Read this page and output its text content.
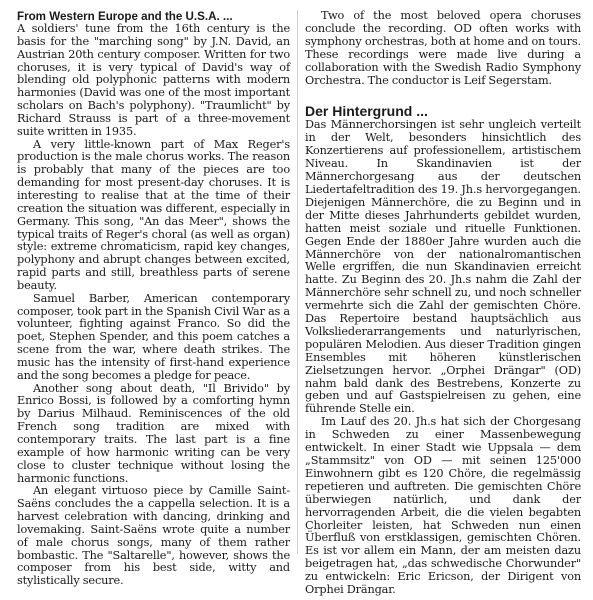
From Western Europe and the U.S.A. ...

A soldiers' tune from the 16th century is the basis for the "marching song" by J.N. David, an Austrian 20th century composer. Written for two choruses, it is very typical of David's way of blending old polyphonic patterns with modern harmonies (David was one of the most important scholars on Bach's polyphony). "Traumlicht" by Richard Strauss is part of a three-movement suite written in 1935.

A very little-known part of Max Reger's production is the male chorus works. The reason is probably that many of the pieces are too demanding for most present-day choruses. It is interesting to realise that at the time of their creation the situation was different, especially in Germany. This song, "An das Meer", shows the typical traits of Reger's choral (as well as organ) style: extreme chromaticism, rapid key changes, polyphony and abrupt changes between excited, rapid parts and still, breathless parts of serene beauty.

Samuel Barber, American contemporary composer, took part in the Spanish Civil War as a volunteer, fighting against Franco. So did the poet, Stephen Spender, and this poem catches a scene from the war, where death strikes. The music has the intensity of first-hand experience and the song becomes a pledge for peace.

Another song about death, "Il Brivido" by Enrico Bossi, is followed by a comforting hymn by Darius Milhaud. Reminiscences of the old French song tradition are mixed with contemporary traits. The last part is a fine example of how harmonic writing can be very close to cluster technique without losing the harmonic functions.

An elegant virtuoso piece by Camille Saint-Saëns concludes the a cappella selection. It is a harvest celebration with dancing, drinking and lovemaking. Saint-Saëns wrote quite a number of male chorus songs, many of them rather bombastic. The "Saltarelle", however, shows the composer from his best side, witty and stylistically secure.

Two of the most beloved opera choruses conclude the recording. OD often works with symphony orchestras, both at home and on tours. These recordings were made live during a collaboration with the Swedish Radio Symphony Orchestra. The conductor is Leif Segerstam.

Der Hintergrund ...

Das Männerchorsingen ist sehr ungleich verteilt in der Welt, besonders hinsichtlich des Konzertierens auf professionellem, artistischem Niveau. In Skandinavien ist der Männerchorgesang aus der deutschen Liedertafeltradition des 19. Jh.s hervorgegangen. Diejenigen Männerchöre, die zu Beginn und in der Mitte dieses Jahrhunderts gebildet wurden, hatten meist soziale und rituelle Funktionen. Gegen Ende der 1880er Jahre wurden auch die Männerchöre von der nationalromantischen Welle ergriffen, die nun Skandinavien erreicht hatte. Zu Beginn des 20. Jh.s nahm die Zahl der Männerchöre sehr schnell zu, und noch schneller vermehrte sich die Zahl der gemischten Chöre. Das Repertoire bestand hauptsächlich aus Volksliederarrangements und naturlyrischen, populären Melodien. Aus dieser Tradition gingen Ensembles mit höheren künstlerischen Zielsetzungen hervor. „Orphei Drängar" (OD) nahm bald dank des Bestrebens, Konzerte zu geben und auf Gastspielreisen zu gehen, eine führende Stelle ein.

Im Lauf des 20. Jh.s hat sich der Chorgesang in Schweden zu einer Massenbewegung entwickelt. In einer Stadt wie Uppsala — dem „Stammsitz" von OD — mit seinen 125'000 Einwohnern gibt es 120 Chöre, die regelmässig repetieren und auftreten. Die gemischten Chöre überwiegen natürlich, und dank der hervorragenden Arbeit, die die vielen begabten Chorleiter leisten, hat Schweden nun einen Überfluß von erstklassigen, gemischten Chören. Es ist vor allem ein Mann, der am meisten dazu beigetragen hat, „das schwedische Chorwunder" zu entwickeln: Eric Ericson, der Dirigent von Orphei Drängar.
